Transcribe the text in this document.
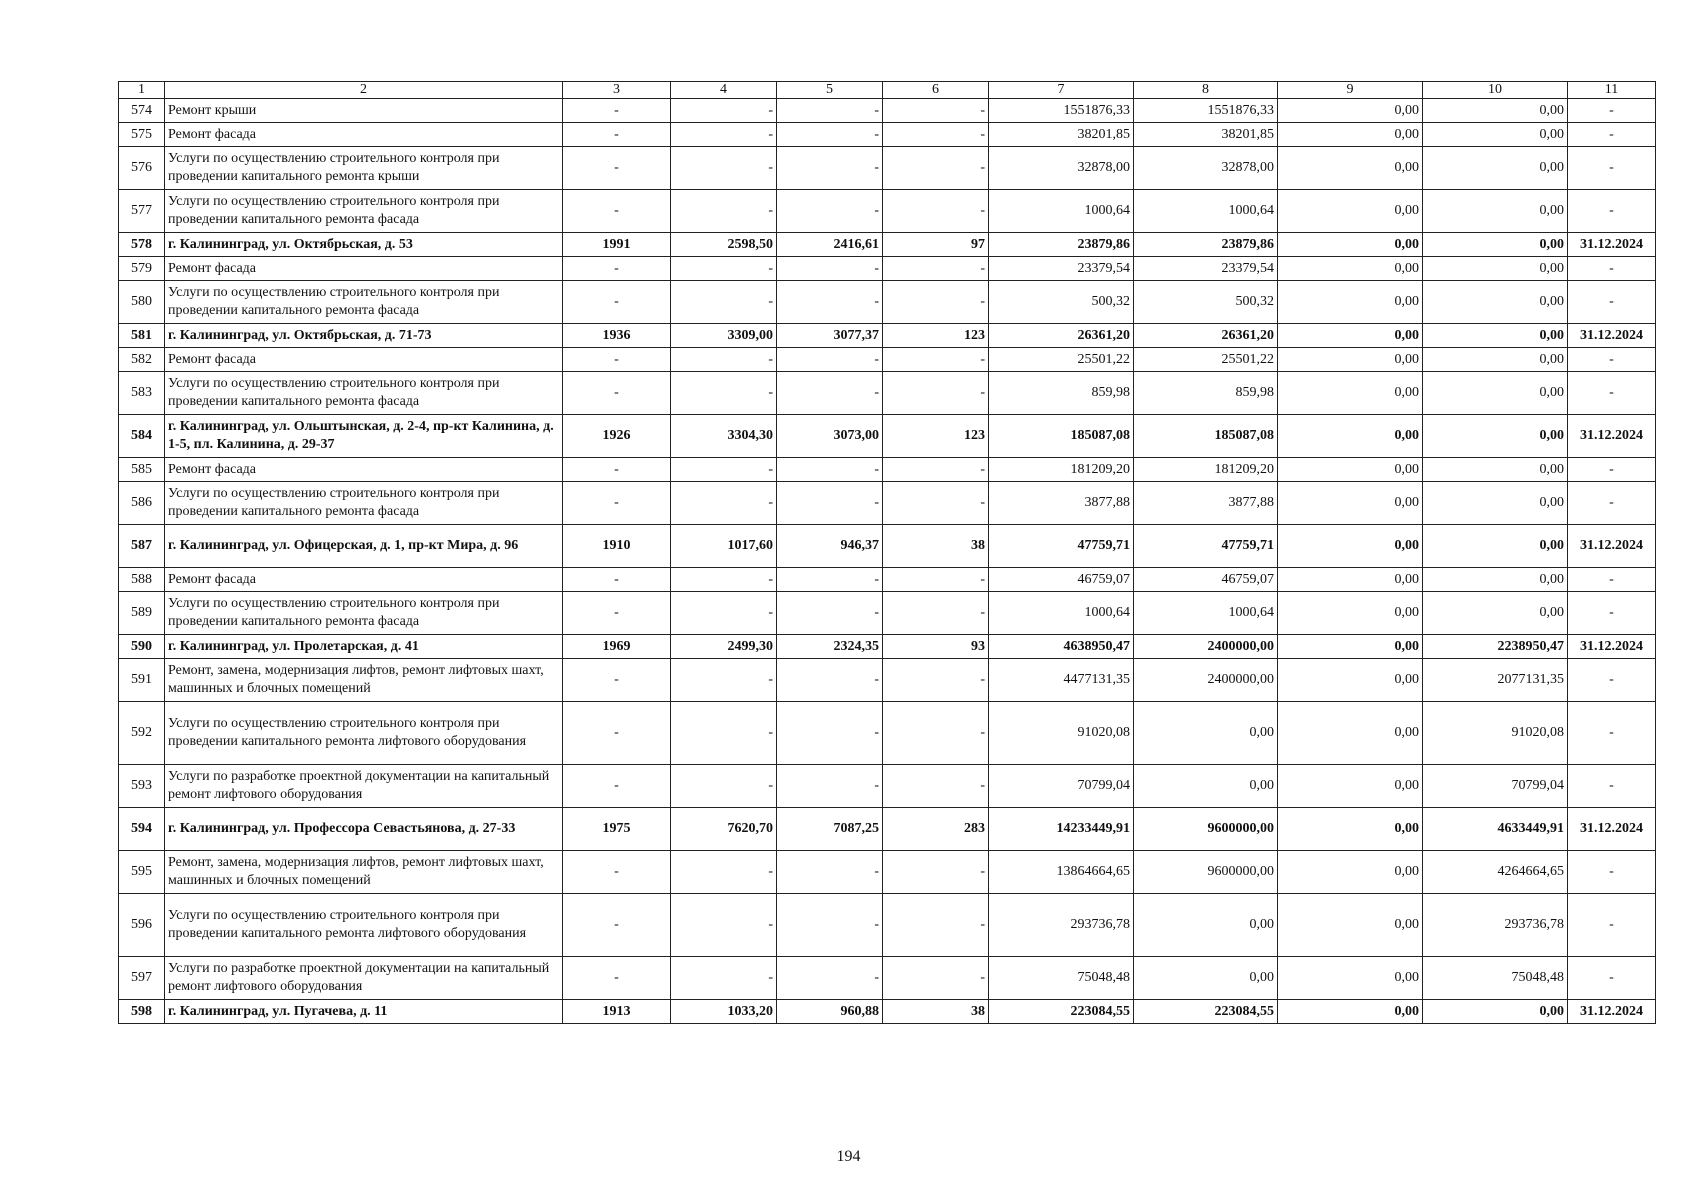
1	2	3	4	5	6	7	8	9	10	11
574	Ремонт крыши	-	-	-	-	1551876,33	1551876,33	0,00	0,00	-
575	Ремонт фасада	-	-	-	-	38201,85	38201,85	0,00	0,00	-
576	Услуги по осуществлению строительного контроля при проведении капитального ремонта крыши	-	-	-	-	32878,00	32878,00	0,00	0,00	-
577	Услуги по осуществлению строительного контроля при проведении капитального ремонта фасада	-	-	-	-	1000,64	1000,64	0,00	0,00	-
578	г. Калининград, ул. Октябрьская, д. 53	1991	2598,50	2416,61	97	23879,86	23879,86	0,00	0,00	31.12.2024
579	Ремонт фасада	-	-	-	-	23379,54	23379,54	0,00	0,00	-
580	Услуги по осуществлению строительного контроля при проведении капитального ремонта фасада	-	-	-	-	500,32	500,32	0,00	0,00	-
581	г. Калининград, ул. Октябрьская, д. 71-73	1936	3309,00	3077,37	123	26361,20	26361,20	0,00	0,00	31.12.2024
582	Ремонт фасада	-	-	-	-	25501,22	25501,22	0,00	0,00	-
583	Услуги по осуществлению строительного контроля при проведении капитального ремонта фасада	-	-	-	-	859,98	859,98	0,00	0,00	-
584	г. Калининград, ул. Ольштынская, д. 2-4, пр-кт Калинина, д. 1-5, пл. Калинина, д. 29-37	1926	3304,30	3073,00	123	185087,08	185087,08	0,00	0,00	31.12.2024
585	Ремонт фасада	-	-	-	-	181209,20	181209,20	0,00	0,00	-
586	Услуги по осуществлению строительного контроля при проведении капитального ремонта фасада	-	-	-	-	3877,88	3877,88	0,00	0,00	-
587	г. Калининград, ул. Офицерская, д. 1, пр-кт Мира, д. 96	1910	1017,60	946,37	38	47759,71	47759,71	0,00	0,00	31.12.2024
588	Ремонт фасада	-	-	-	-	46759,07	46759,07	0,00	0,00	-
589	Услуги по осуществлению строительного контроля при проведении капитального ремонта фасада	-	-	-	-	1000,64	1000,64	0,00	0,00	-
590	г. Калининград, ул. Пролетарская, д. 41	1969	2499,30	2324,35	93	4638950,47	2400000,00	0,00	2238950,47	31.12.2024
591	Ремонт, замена, модернизация лифтов, ремонт лифтовых шахт, машинных и блочных помещений	-	-	-	-	4477131,35	2400000,00	0,00	2077131,35	-
592	Услуги по осуществлению строительного контроля при проведении капитального ремонта лифтового оборудования	-	-	-	-	91020,08	0,00	0,00	91020,08	-
593	Услуги по разработке проектной документации на капитальный ремонт лифтового оборудования	-	-	-	-	70799,04	0,00	0,00	70799,04	-
594	г. Калининград, ул. Профессора Севастьянова, д. 27-33	1975	7620,70	7087,25	283	14233449,91	9600000,00	0,00	4633449,91	31.12.2024
595	Ремонт, замена, модернизация лифтов, ремонт лифтовых шахт, машинных и блочных помещений	-	-	-	-	13864664,65	9600000,00	0,00	4264664,65	-
596	Услуги по осуществлению строительного контроля при проведении капитального ремонта лифтового оборудования	-	-	-	-	293736,78	0,00	0,00	293736,78	-
597	Услуги по разработке проектной документации на капитальный ремонт лифтового оборудования	-	-	-	-	75048,48	0,00	0,00	75048,48	-
598	г. Калининград, ул. Пугачева, д. 11	1913	1033,20	960,88	38	223084,55	223084,55	0,00	0,00	31.12.2024
194
